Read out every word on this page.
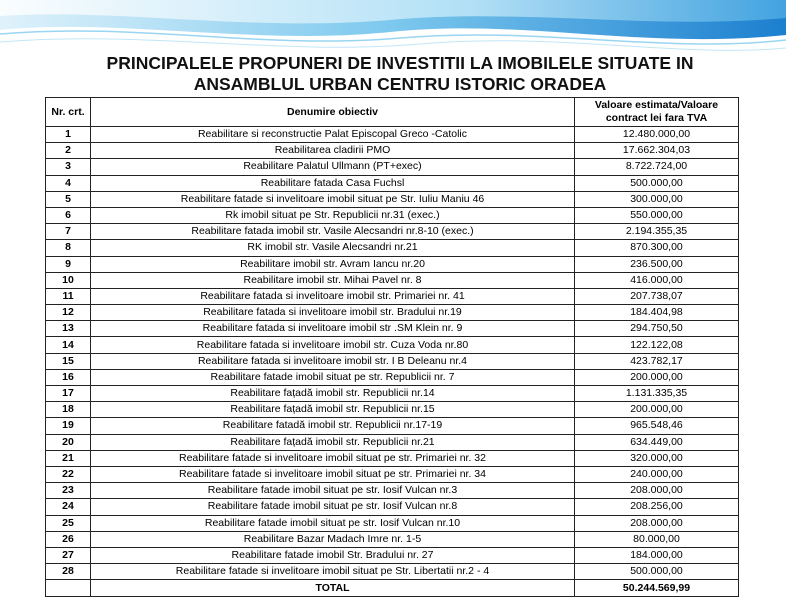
PRINCIPALELE PROPUNERI DE INVESTITII LA IMOBILELE SITUATE IN
ANSAMBLUL URBAN CENTRU ISTORIC ORADEA
Nr. crt.	Denumire obiectiv	Valoare estimata/Valoare contract lei fara TVA
1	Reabilitare si reconstructie Palat Episcopal Greco -Catolic	12.480.000,00
2	Reabilitarea cladirii PMO	17.662.304,03
3	Reabilitare Palatul Ullmann (PT+exec)	8.722.724,00
4	Reabilitare fatada Casa Fuchsl	500.000,00
5	Reabilitare fatade si invelitoare imobil situat pe Str. Iuliu Maniu 46	300.000,00
6	Rk imobil situat pe Str. Republicii nr.31 (exec.)	550.000,00
7	Reabilitare fatada imobil str. Vasile Alecsandri nr.8-10 (exec.)	2.194.355,35
8	RK imobil str. Vasile Alecsandri nr.21	870.300,00
9	Reabilitare imobil str. Avram Iancu nr.20	236.500,00
10	Reabilitare imobil str. Mihai Pavel nr. 8	416.000,00
11	Reabilitare fatada si invelitoare imobil str. Primariei nr. 41	207.738,07
12	Reabilitare fatada si invelitoare imobil str. Bradului nr.19	184.404,98
13	Reabilitare fatada si invelitoare imobil str .SM Klein nr. 9	294.750,50
14	Reabilitare fatada si invelitoare imobil str. Cuza Voda nr.80	122.122,08
15	Reabilitare fatada si invelitoare imobil str. I B Deleanu nr.4	423.782,17
16	Reabilitare fatade imobil situat pe str. Republicii nr. 7	200.000,00
17	Reabilitare fațadă imobil str. Republicii nr.14	1.131.335,35
18	Reabilitare fațadă imobil str. Republicii nr.15	200.000,00
19	Reabilitare fatadă imobil str. Republicii nr.17-19	965.548,46
20	Reabilitare fațadă imobil str. Republicii nr.21	634.449,00
21	Reabilitare fatade si invelitoare imobil situat pe str. Primariei nr. 32	320.000,00
22	Reabilitare fatade si invelitoare imobil situat pe str. Primariei nr. 34	240.000,00
23	Reabilitare fatade imobil situat pe str. Iosif Vulcan nr.3	208.000,00
24	Reabilitare fatade imobil situat pe str. Iosif Vulcan nr.8	208.256,00
25	Reabilitare fatade imobil situat pe str. Iosif Vulcan nr.10	208.000,00
26	Reabilitare Bazar Madach Imre nr. 1-5	80.000,00
27	Reabilitare fatade imobil Str. Bradului nr. 27	184.000,00
28	Reabilitare fatade si invelitoare imobil situat pe Str. Libertatii nr.2 - 4	500.000,00
	TOTAL	50.244.569,99
